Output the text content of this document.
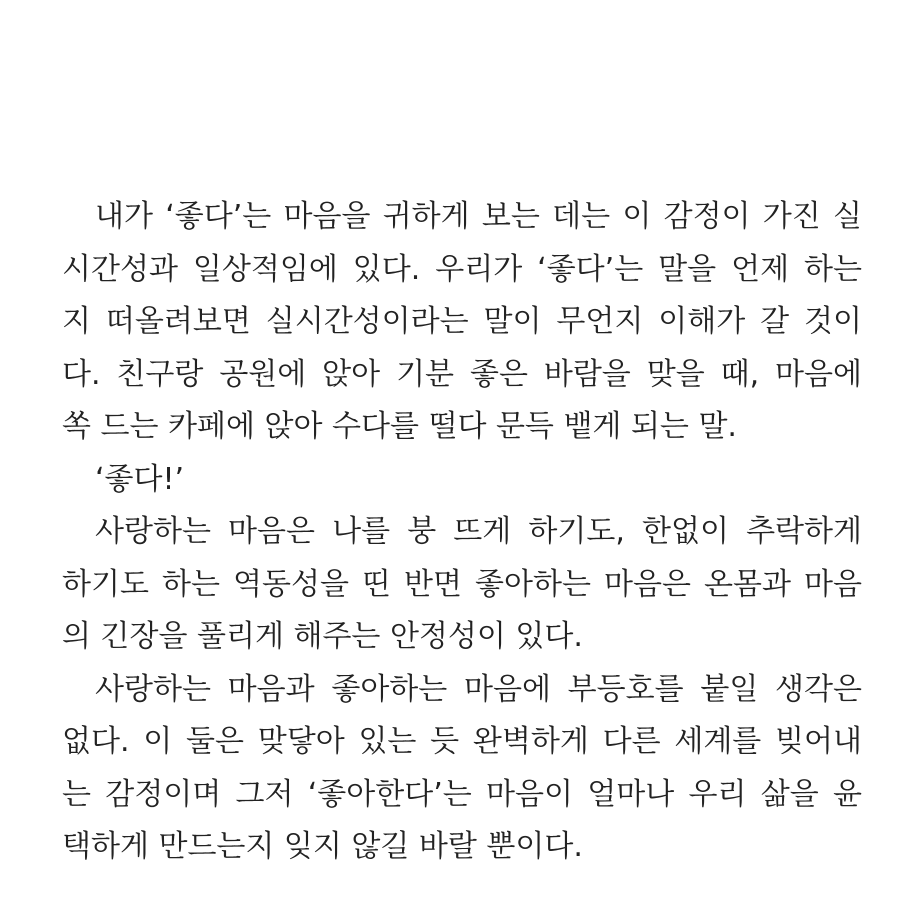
내가 ‘좋다’는 마음을 귀하게 보는 데는 이 감정이 가진 실
시간성과 일상적임에 있다. 우리가 ‘좋다’는 말을 언제 하는
지 떠올려보면 실시간성이라는 말이 무언지 이해가 갈 것이
다. 친구랑 공원에 앉아 기분 좋은 바람을 맞을 때, 마음에
쏙 드는 카페에 앉아 수다를 떨다 문득 뱉게 되는 말.
‘좋다!’
사랑하는 마음은 나를 붕 뜨게 하기도, 한없이 추락하게
하기도 하는 역동성을 띤 반면 좋아하는 마음은 온몸과 마음
의 긴장을 풀리게 해주는 안정성이 있다.
사랑하는 마음과 좋아하는 마음에 부등호를 붙일 생각은
없다. 이 둘은 맞닿아 있는 듯 완벽하게 다른 세계를 빚어내
는 감정이며 그저 ‘좋아한다’는 마음이 얼마나 우리 삶을 윤
택하게 만드는지 잊지 않길 바랄 뿐이다.
